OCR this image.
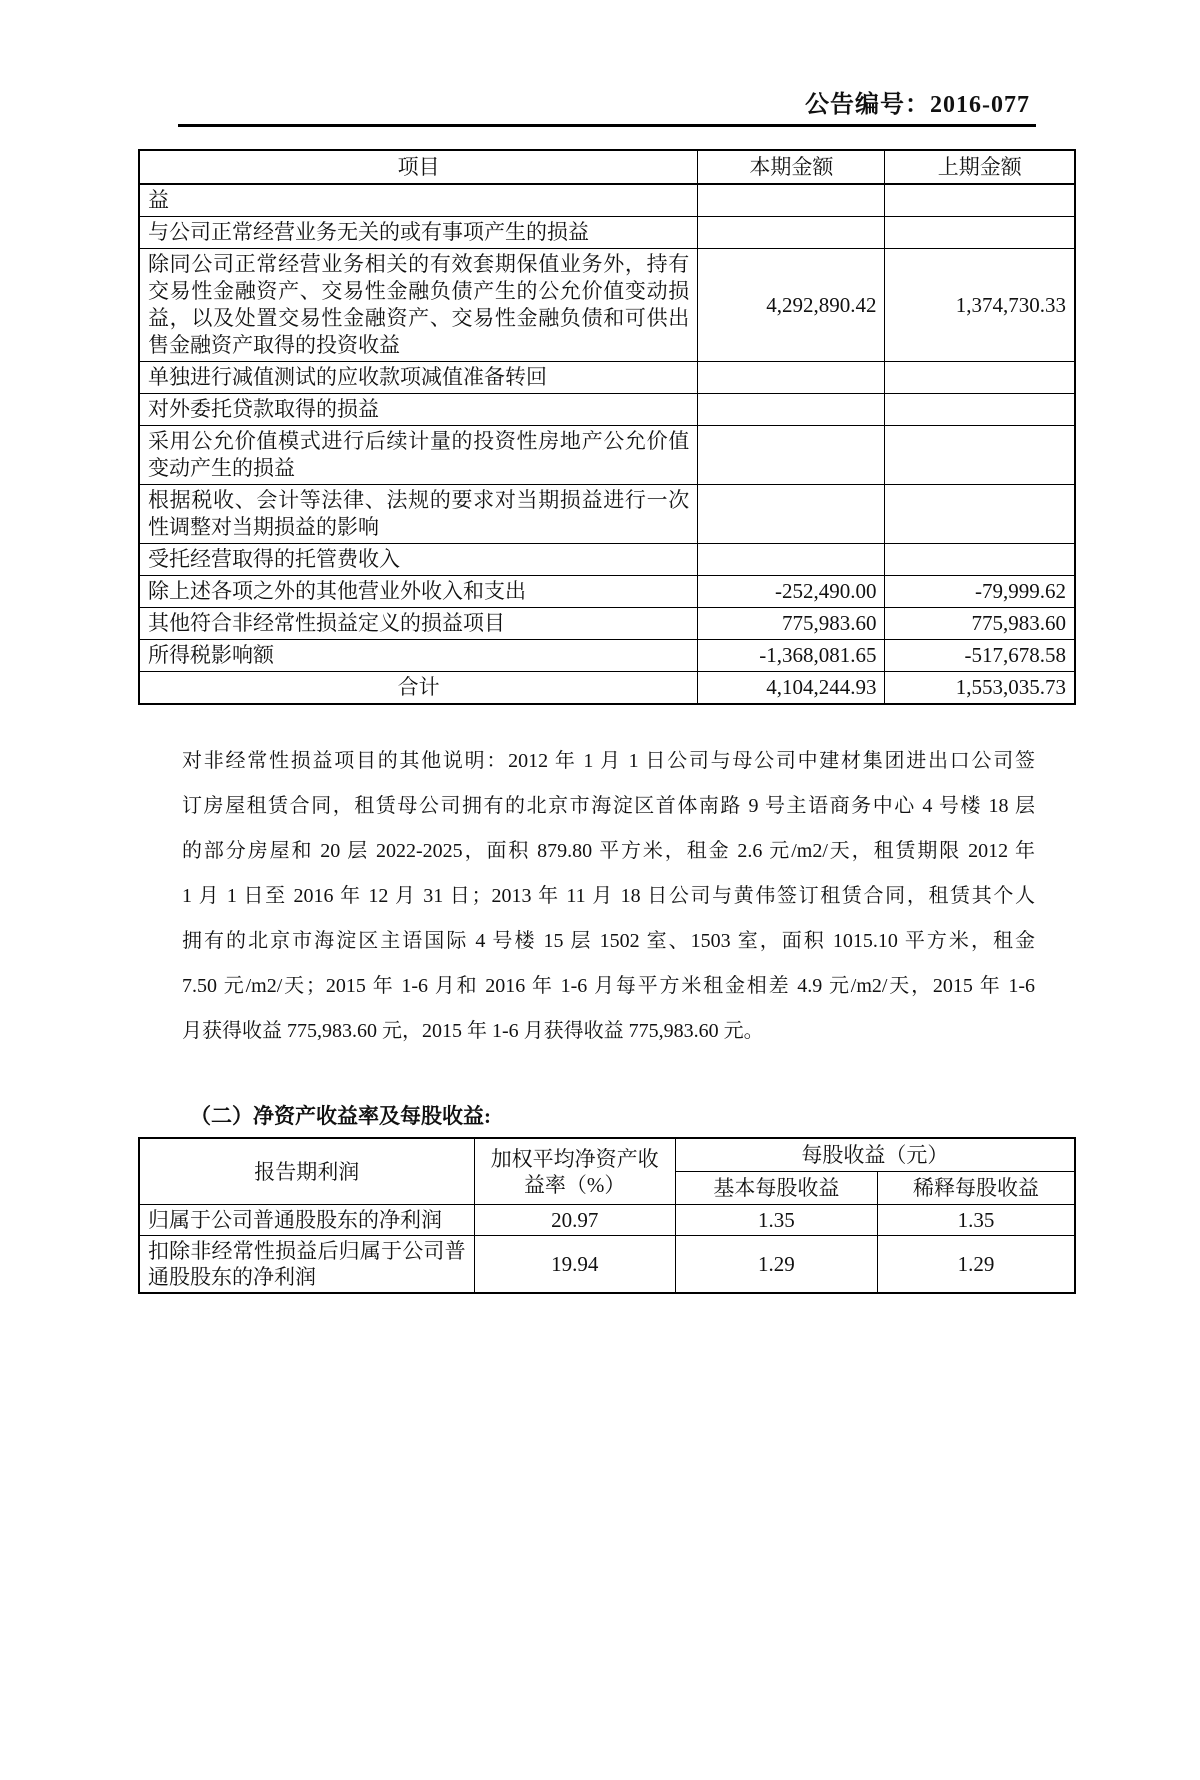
公告编号：2016-077
项目	本期金额	上期金额
益		
与公司正常经营业务无关的或有事项产生的损益		
除同公司正常经营业务相关的有效套期保值业务外，持有交易性金融资产、交易性金融负债产生的公允价值变动损益，以及处置交易性金融资产、交易性金融负债和可供出售金融资产取得的投资收益	4,292,890.42	1,374,730.33
单独进行减值测试的应收款项减值准备转回		
对外委托贷款取得的损益		
采用公允价值模式进行后续计量的投资性房地产公允价值变动产生的损益		
根据税收、会计等法律、法规的要求对当期损益进行一次性调整对当期损益的影响		
受托经营取得的托管费收入		
除上述各项之外的其他营业外收入和支出	-252,490.00	-79,999.62
其他符合非经常性损益定义的损益项目	775,983.60	775,983.60
所得税影响额	-1,368,081.65	-517,678.58
合计	4,104,244.93	1,553,035.73
对非经常性损益项目的其他说明：2012 年 1 月 1 日公司与母公司中建材集团进出口公司签
订房屋租赁合同，租赁母公司拥有的北京市海淀区首体南路 9 号主语商务中心 4 号楼 18 层
的部分房屋和 20 层 2022-2025，面积 879.80 平方米，租金 2.6 元/m2/天，租赁期限 2012 年
1 月 1 日至 2016 年 12 月 31 日；2013 年 11 月 18 日公司与黄伟签订租赁合同，租赁其个人
拥有的北京市海淀区主语国际 4 号楼 15 层 1502 室、1503 室，面积 1015.10 平方米，租金
7.50 元/m2/天；2015 年 1-6 月和 2016 年 1-6 月每平方米租金相差 4.9 元/m2/天，2015 年 1-6
月获得收益 775,983.60 元，2015 年 1-6 月获得收益 775,983.60 元。
（二）净资产收益率及每股收益:
报告期利润	加权平均净资产收益率（%）	每股收益（元）	
		基本每股收益	稀释每股收益
归属于公司普通股股东的净利润	20.97	1.35	1.35
扣除非经常性损益后归属于公司普通股股东的净利润	19.94	1.29	1.29
